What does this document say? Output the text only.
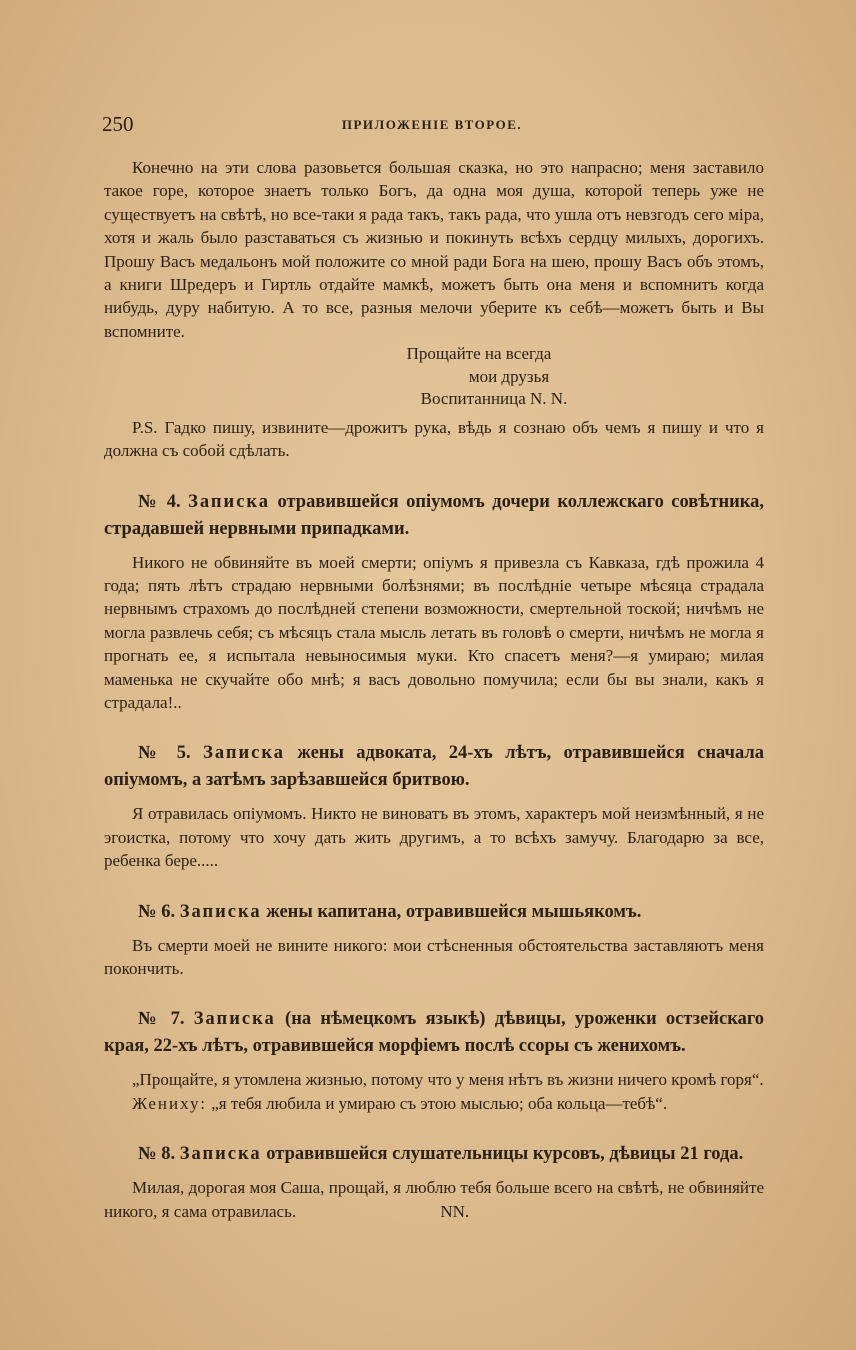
250	ПРИЛОЖЕНІЕ ВТОРОЕ.

Конечно на эти слова разовьется большая сказка, но это напрасно; меня заставило такое горе, которое знаетъ только Богъ, да одна моя душа, которой теперь уже не существуетъ на свѣтѣ, но все-таки я рада такъ, такъ рада, что ушла отъ невзгодъ сего міра, хотя и жаль было разставаться съ жизнью и покинуть всѣхъ сердцу милыхъ, дорогихъ. Прошу Васъ медальонъ мой положите со мной ради Бога на шею, прошу Васъ объ этомъ, а книги Шредеръ и Гиртль отдайте мамкѣ, можетъ быть она меня и вспомнитъ когда нибудь, дуру набитую. А то все, разныя мелочи уберите къ себѣ—можетъ быть и Вы вспомните.

Прощайте на всегда
мои друзья
Воспитанница N. N.

P.S. Гадко пишу, извините—дрожитъ рука, вѣдь я сознаю объ чемъ я пишу и что я должна съ собой сдѣлать.

№ 4. Записка отравившейся опіумомъ дочери коллежскаго совѣтника, страдавшей нервными припадками.

Никого не обвиняйте въ моей смерти; опіумъ я привезла съ Кавказа, гдѣ прожила 4 года; пять лѣтъ страдаю нервными болѣзнями; въ послѣдніе четыре мѣсяца страдала нервнымъ страхомъ до послѣдней степени возможности, смертельной тоской; ничѣмъ не могла развлечь себя; съ мѣсяцъ стала мысль летать въ головѣ о смерти, ничѣмъ не могла я прогнать ее, я испытала невыносимыя муки. Кто спасетъ меня?—я умираю; милая маменька не скучайте обо мнѣ; я васъ довольно помучила; если бы вы знали, какъ я страдала!..

№ 5. Записка жены адвоката, 24-хъ лѣтъ, отравившейся сначала опіумомъ, а затѣмъ зарѣзавшейся бритвою.

Я отравилась опіумомъ. Никто не виноватъ въ этомъ, характеръ мой неизмѣнный, я не эгоистка, потому что хочу дать жить другимъ, а то всѣхъ замучу. Благодарю за все, ребенка бере.....

№ 6. Записка жены капитана, отравившейся мышьякомъ.

Въ смерти моей не вините никого: мои стѣсненныя обстоятельства заставляютъ меня покончить.

№ 7. Записка (на нѣмецкомъ языкѣ) дѣвицы, уроженки остзейскаго края, 22-хъ лѣтъ, отравившейся морфіемъ послѣ ссоры съ женихомъ.

„Прощайте, я утомлена жизнью, потому что у меня нѣтъ въ жизни ничего кромѣ горя“.

Жениху: „я тебя любила и умираю съ этою мыслью; оба кольца—тебѣ“.

№ 8. Записка отравившейся слушательницы курсовъ, дѣвицы 21 года.

Милая, дорогая моя Саша, прощай, я люблю тебя больше всего на свѣтѣ, не обвиняйте никого, я сама отравилась.	NN.
